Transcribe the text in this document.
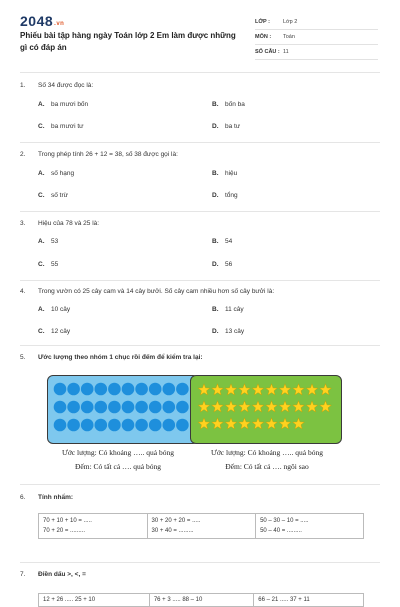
2048.vn
Phiếu bài tập hàng ngày Toán lớp 2 Em làm được những gì có đáp án
LỚP : Lớp 2
MÔN : Toán
SỐ CÂU : 11
1. Số 34 được đọc là:
A. ba mươi bốn	B. bốn ba
C. ba mươi tư	D. ba tư
2. Trong phép tính 26 + 12 = 38, số 38 được gọi là:
A. số hạng	B. hiệu
C. số trừ	D. tổng
3. Hiệu của 78 và 25 là:
A. 53	B. 54
C. 55	D. 56
4. Trong vườn có 25 cây cam và 14 cây bưởi. Số cây cam nhiều hơn số cây bưởi là:
A. 10 cây	B. 11 cây
C. 12 cây	D. 13 cây
5. Ước lượng theo nhóm 1 chục rồi đếm để kiểm tra lại:
Ước lượng: Có khoảng ….. quả bóng
Đếm: Có tất cả …. quả bóng
Ước lượng: Có khoảng ….. quả bóng
Đếm: Có tất cả …. ngôi sao
6. Tính nhẩm:
70 + 10 + 10 = .....
70 + 20 = .........

30 + 20 + 20 = .....
30 + 40 = .........

50 – 30 – 10 = .....
50 – 40 = .........
7. Điền dấu >, <, =
12 + 26 ..... 25 + 10	76 + 3 ..... 88 – 10	66 – 21 ..... 37 + 11
